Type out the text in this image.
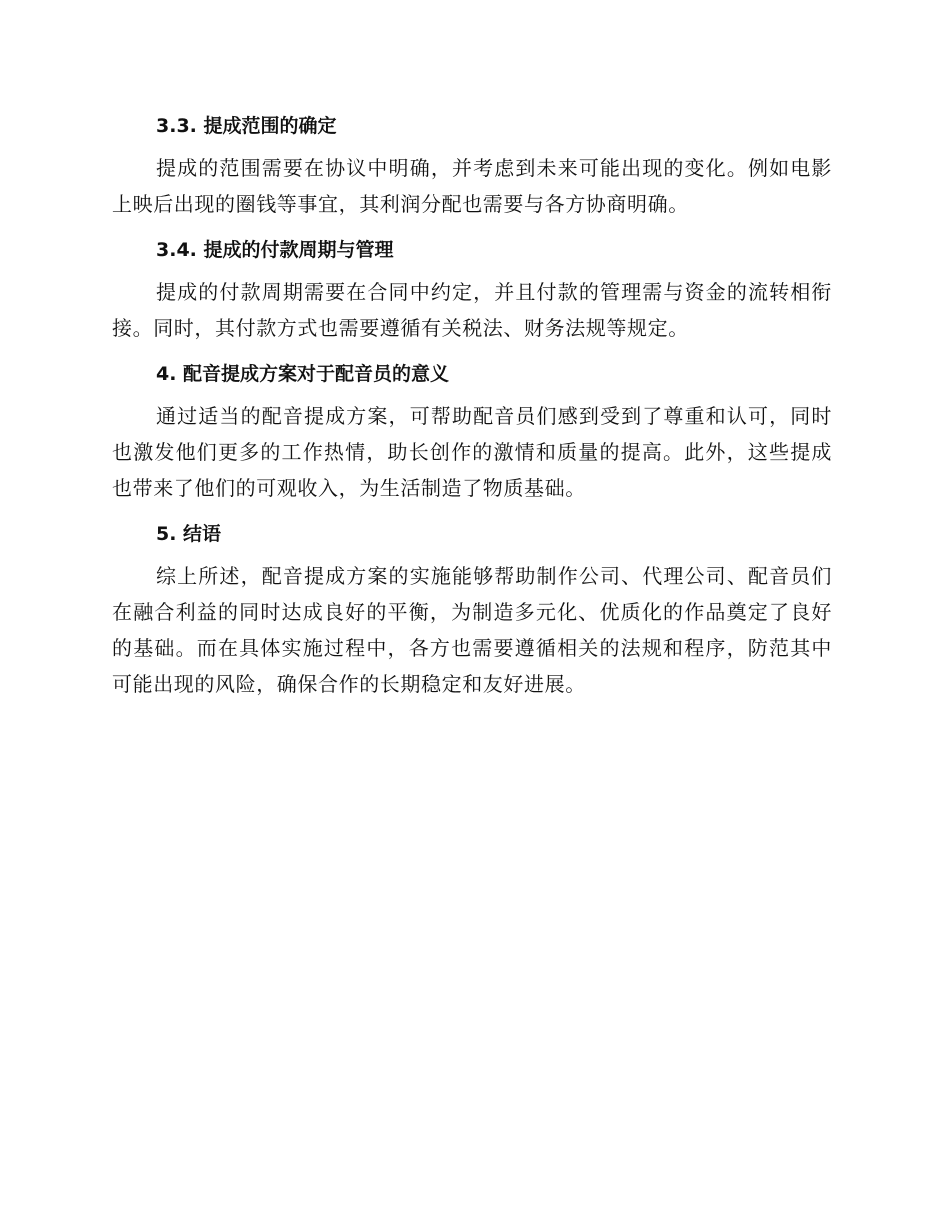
3.3. 提成范围的确定

提成的范围需要在协议中明确，并考虑到未来可能出现的变化。例如电影上映后出现的圈钱等事宜，其利润分配也需要与各方协商明确。

3.4. 提成的付款周期与管理

提成的付款周期需要在合同中约定，并且付款的管理需与资金的流转相衔接。同时，其付款方式也需要遵循有关税法、财务法规等规定。

4. 配音提成方案对于配音员的意义

通过适当的配音提成方案，可帮助配音员们感到受到了尊重和认可，同时也激发他们更多的工作热情，助长创作的激情和质量的提高。此外，这些提成也带来了他们的可观收入，为生活制造了物质基础。

5. 结语

综上所述，配音提成方案的实施能够帮助制作公司、代理公司、配音员们在融合利益的同时达成良好的平衡，为制造多元化、优质化的作品奠定了良好的基础。而在具体实施过程中，各方也需要遵循相关的法规和程序，防范其中可能出现的风险，确保合作的长期稳定和友好进展。
